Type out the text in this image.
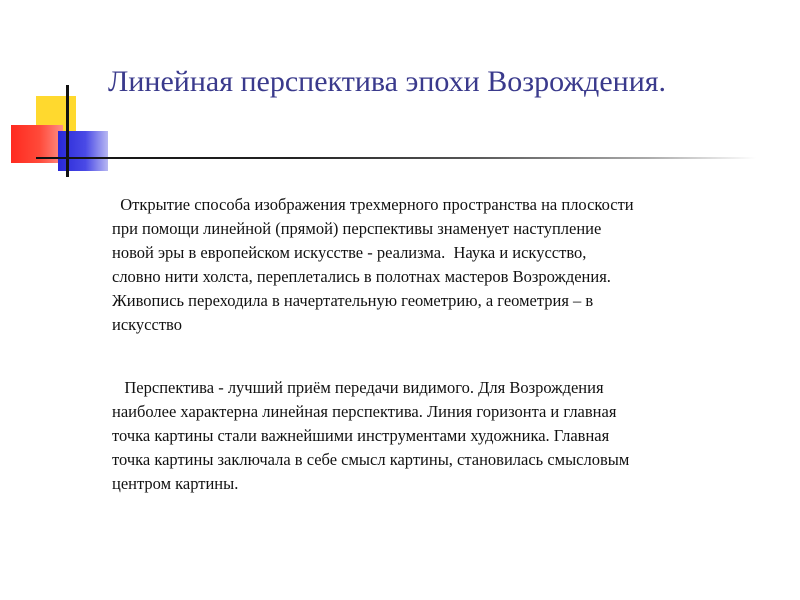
Линейная перспектива эпохи Возрождения.

Открытие способа изображения трехмерного пространства на плоскости
при помощи линейной (прямой) перспективы знаменует наступление
новой эры в европейском искусстве - реализма.  Наука и искусство,
словно нити холста, переплетались в полотнах мастеров Возрождения.
Живопись переходила в начертательную геометрию, а геометрия – в
искусство

Перспектива - лучший приём передачи видимого. Для Возрождения
наиболее характерна линейная перспектива. Линия горизонта и главная
точка картины стали важнейшими инструментами художника. Главная
точка картины заключала в себе смысл картины, становилась смысловым
центром картины.
